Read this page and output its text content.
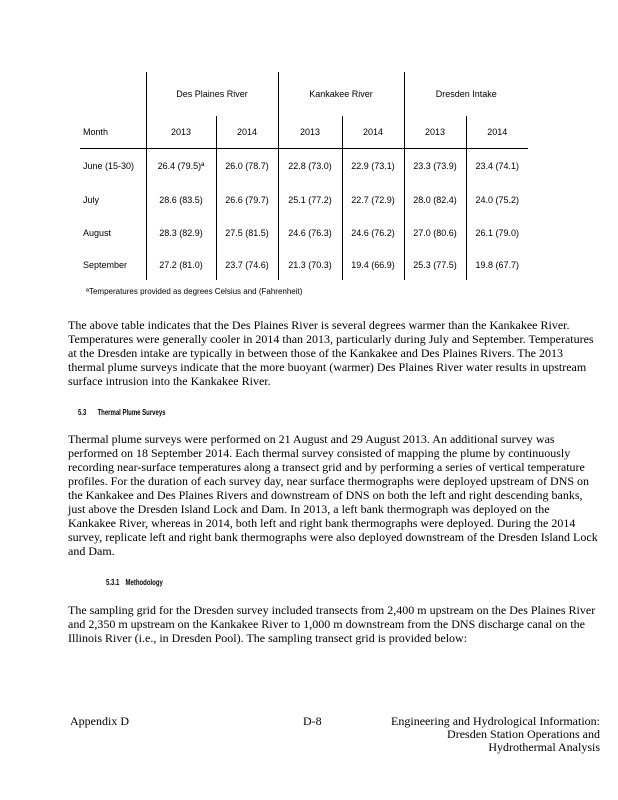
	Des Plaines River		Kankakee River		Dresden Intake	
Month	2013	2014	2013	2014	2013	2014
June (15-30)	26.4 (79.5)ª	26.0 (78.7)	22.8 (73.0)	22.9 (73.1)	23.3 (73.9)	23.4 (74.1)
July	28.6 (83.5)	26.6 (79.7)	25.1 (77.2)	22.7 (72.9)	28.0 (82.4)	24.0 (75.2)
August	28.3 (82.9)	27.5 (81.5)	24.6 (76.3)	24.6 (76.2)	27.0 (80.6)	26.1 (79.0)
September	27.2 (81.0)	23.7 (74.6)	21.3 (70.3)	19.4 (66.9)	25.3 (77.5)	19.8 (67.7)
ªTemperatures provided as degrees Celsius and (Fahrenheit)

The above table indicates that the Des Plaines River is several degrees warmer than the Kankakee River. Temperatures were generally cooler in 2014 than 2013, particularly during July and September. Temperatures at the Dresden intake are typically in between those of the Kankakee and Des Plaines Rivers. The 2013 thermal plume surveys indicate that the more buoyant (warmer) Des Plaines River water results in upstream surface intrusion into the Kankakee River.

5.3 Thermal Plume Surveys

Thermal plume surveys were performed on 21 August and 29 August 2013. An additional survey was performed on 18 September 2014. Each thermal survey consisted of mapping the plume by continuously recording near-surface temperatures along a transect grid and by performing a series of vertical temperature profiles. For the duration of each survey day, near surface thermographs were deployed upstream of DNS on the Kankakee and Des Plaines Rivers and downstream of DNS on both the left and right descending banks, just above the Dresden Island Lock and Dam. In 2013, a left bank thermograph was deployed on the Kankakee River, whereas in 2014, both left and right bank thermographs were deployed. During the 2014 survey, replicate left and right bank thermographs were also deployed downstream of the Dresden Island Lock and Dam.

5.3.1 Methodology

The sampling grid for the Dresden survey included transects from 2,400 m upstream on the Des Plaines River and 2,350 m upstream on the Kankakee River to 1,000 m downstream from the DNS discharge canal on the Illinois River (i.e., in Dresden Pool). The sampling transect grid is provided below:

Appendix D	D-8	Engineering and Hydrological Information:
Dresden Station Operations and
Hydrothermal Analysis
